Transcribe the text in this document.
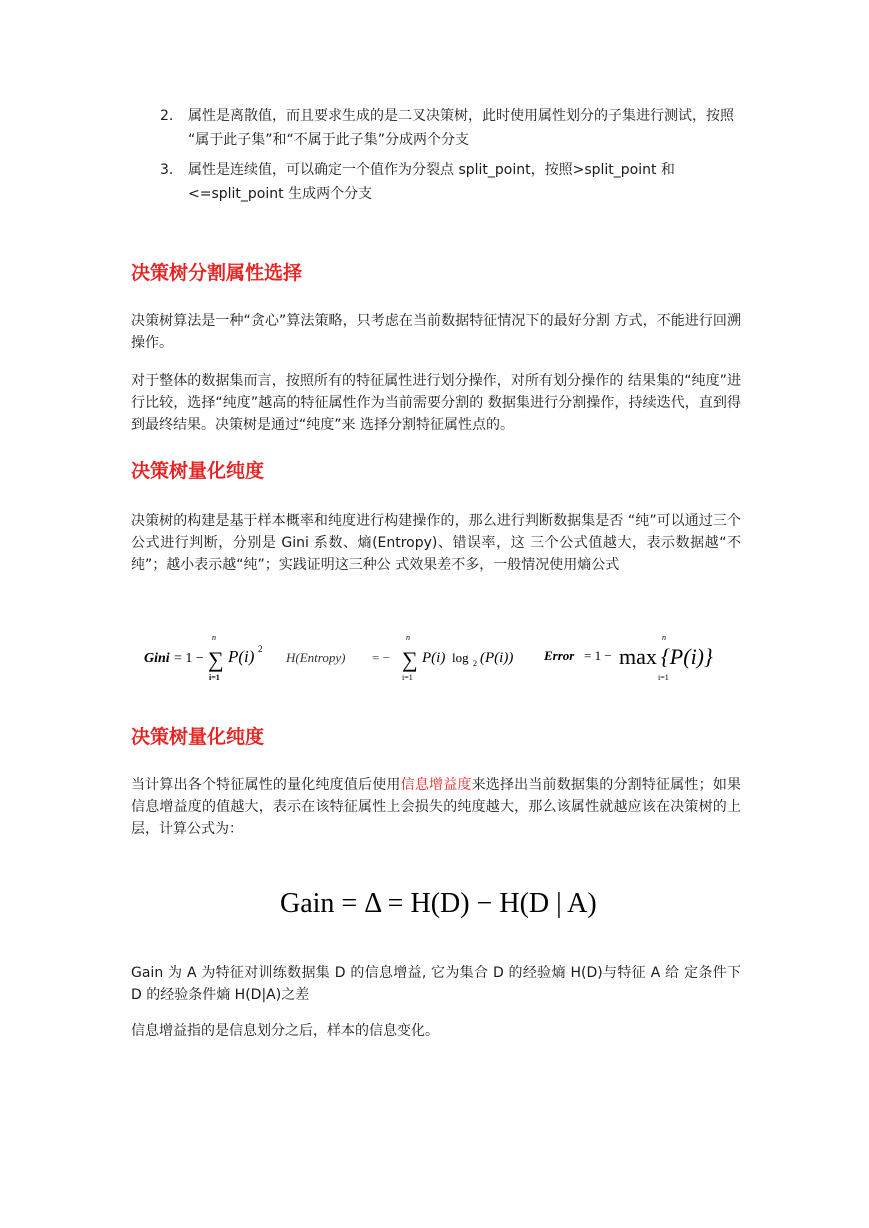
2. 属性是离散值，而且要求生成的是二叉决策树，此时使用属性划分的子集进行测试，按照 “属于此子集”和“不属于此子集”分成两个分支
3. 属性是连续值，可以确定一个值作为分裂点 split_point，按照>split_point 和<=split_point 生成两个分支
决策树分割属性选择

决策树算法是一种“贪心”算法策略，只考虑在当前数据特征情况下的最好分割 方式，不能进行回溯操作。

对于整体的数据集而言，按照所有的特征属性进行划分操作，对所有划分操作的 结果集的“纯度”进行比较，选择“纯度”越高的特征属性作为当前需要分割的 数据集进行分割操作，持续迭代，直到得到最终结果。决策树是通过“纯度”来 选择分割特征属性点的。

决策树量化纯度

决策树的构建是基于样本概率和纯度进行构建操作的，那么进行判断数据集是否 “纯”可以通过三个公式进行判断，分别是 Gini 系数、熵(Entropy)、错误率，这 三个公式值越大，表示数据越“不纯”；越小表示越“纯”；实践证明这三种公 式效果差不多，一般情况使用熵公式

Gini = 1 −
n
∑
i=1
P(i) 2
H(Entropy) = −
n
∑
i=1
P(i) log 2 (P(i)) Error = 1 − max
n
i=1
{P(i)}
决策树量化纯度

当计算出各个特征属性的量化纯度值后使用信息增益度来选择出当前数据集的分割特征属性；如果信息增益度的值越大，表示在该特征属性上会损失的纯度越大，那么该属性就越应该在决策树的上层，计算公式为：

Gain = Δ = H(D) − H(D | A)

Gain 为 A 为特征对训练数据集 D 的信息增益, 它为集合 D 的经验熵 H(D)与特征 A 给 定条件下 D 的经验条件熵 H(D|A)之差

信息增益指的是信息划分之后，样本的信息变化。
